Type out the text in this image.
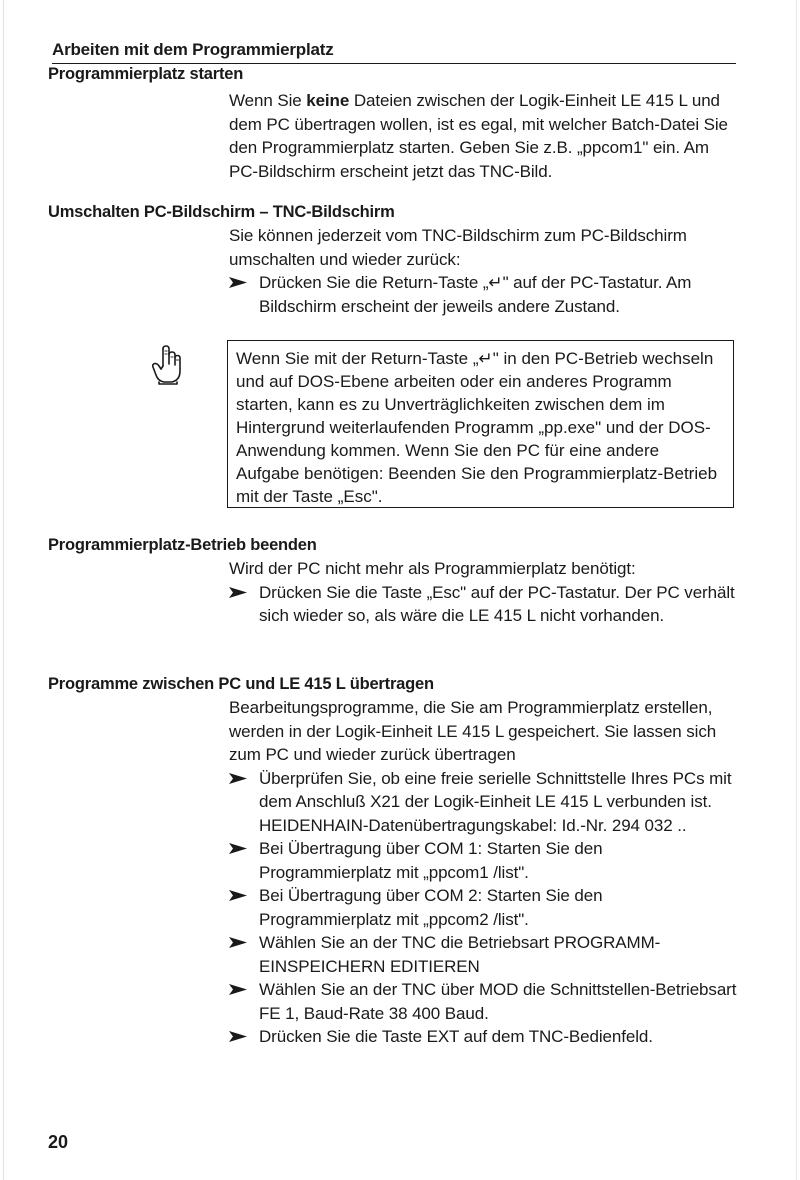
Arbeiten mit dem Programmierplatz
Programmierplatz starten

Wenn Sie keine Dateien zwischen der Logik-Einheit LE 415 L und dem PC übertragen wollen, ist es egal, mit welcher Batch-Datei Sie den Programmierplatz starten. Geben Sie z.B. „ppcom1" ein. Am PC-Bildschirm erscheint jetzt das TNC-Bild.

Umschalten PC-Bildschirm – TNC-Bildschirm

Sie können jederzeit vom TNC-Bildschirm zum PC-Bildschirm umschalten und wieder zurück:

Drücken Sie die Return-Taste „↵" auf der PC-Tastatur. Am Bildschirm erscheint der jeweils andere Zustand.

Wenn Sie mit der Return-Taste „↵" in den PC-Betrieb wechseln und auf DOS-Ebene arbeiten oder ein anderes Programm starten, kann es zu Unverträglichkeiten zwischen dem im Hintergrund weiterlaufenden Programm „pp.exe" und der DOS-Anwendung kommen. Wenn Sie den PC für eine andere Aufgabe benötigen: Beenden Sie den Programmierplatz-Betrieb mit der Taste „Esc".

Programmierplatz-Betrieb beenden

Wird der PC nicht mehr als Programmierplatz benötigt:

Drücken Sie die Taste „Esc" auf der PC-Tastatur. Der PC verhält sich wieder so, als wäre die LE 415 L nicht vorhanden.
Programme zwischen PC und LE 415 L übertragen

Bearbeitungsprogramme, die Sie am Programmierplatz erstellen, werden in der Logik-Einheit LE 415 L gespeichert. Sie lassen sich zum PC und wieder zurück übertragen

Überprüfen Sie, ob eine freie serielle Schnittstelle Ihres PCs mit dem Anschluß X21 der Logik-Einheit LE 415 L verbunden ist. HEIDENHAIN-Datenübertragungskabel: Id.-Nr. 294 032 ..
Bei Übertragung über COM 1: Starten Sie den Programmierplatz mit „ppcom1 /list".
Bei Übertragung über COM 2: Starten Sie den Programmierplatz mit „ppcom2 /list".
Wählen Sie an der TNC die Betriebsart PROGRAMM-EINSPEICHERN EDITIEREN
Wählen Sie an der TNC über MOD die Schnittstellen-Betriebsart FE 1, Baud-Rate 38 400 Baud.
Drücken Sie die Taste EXT auf dem TNC-Bedienfeld.
20
